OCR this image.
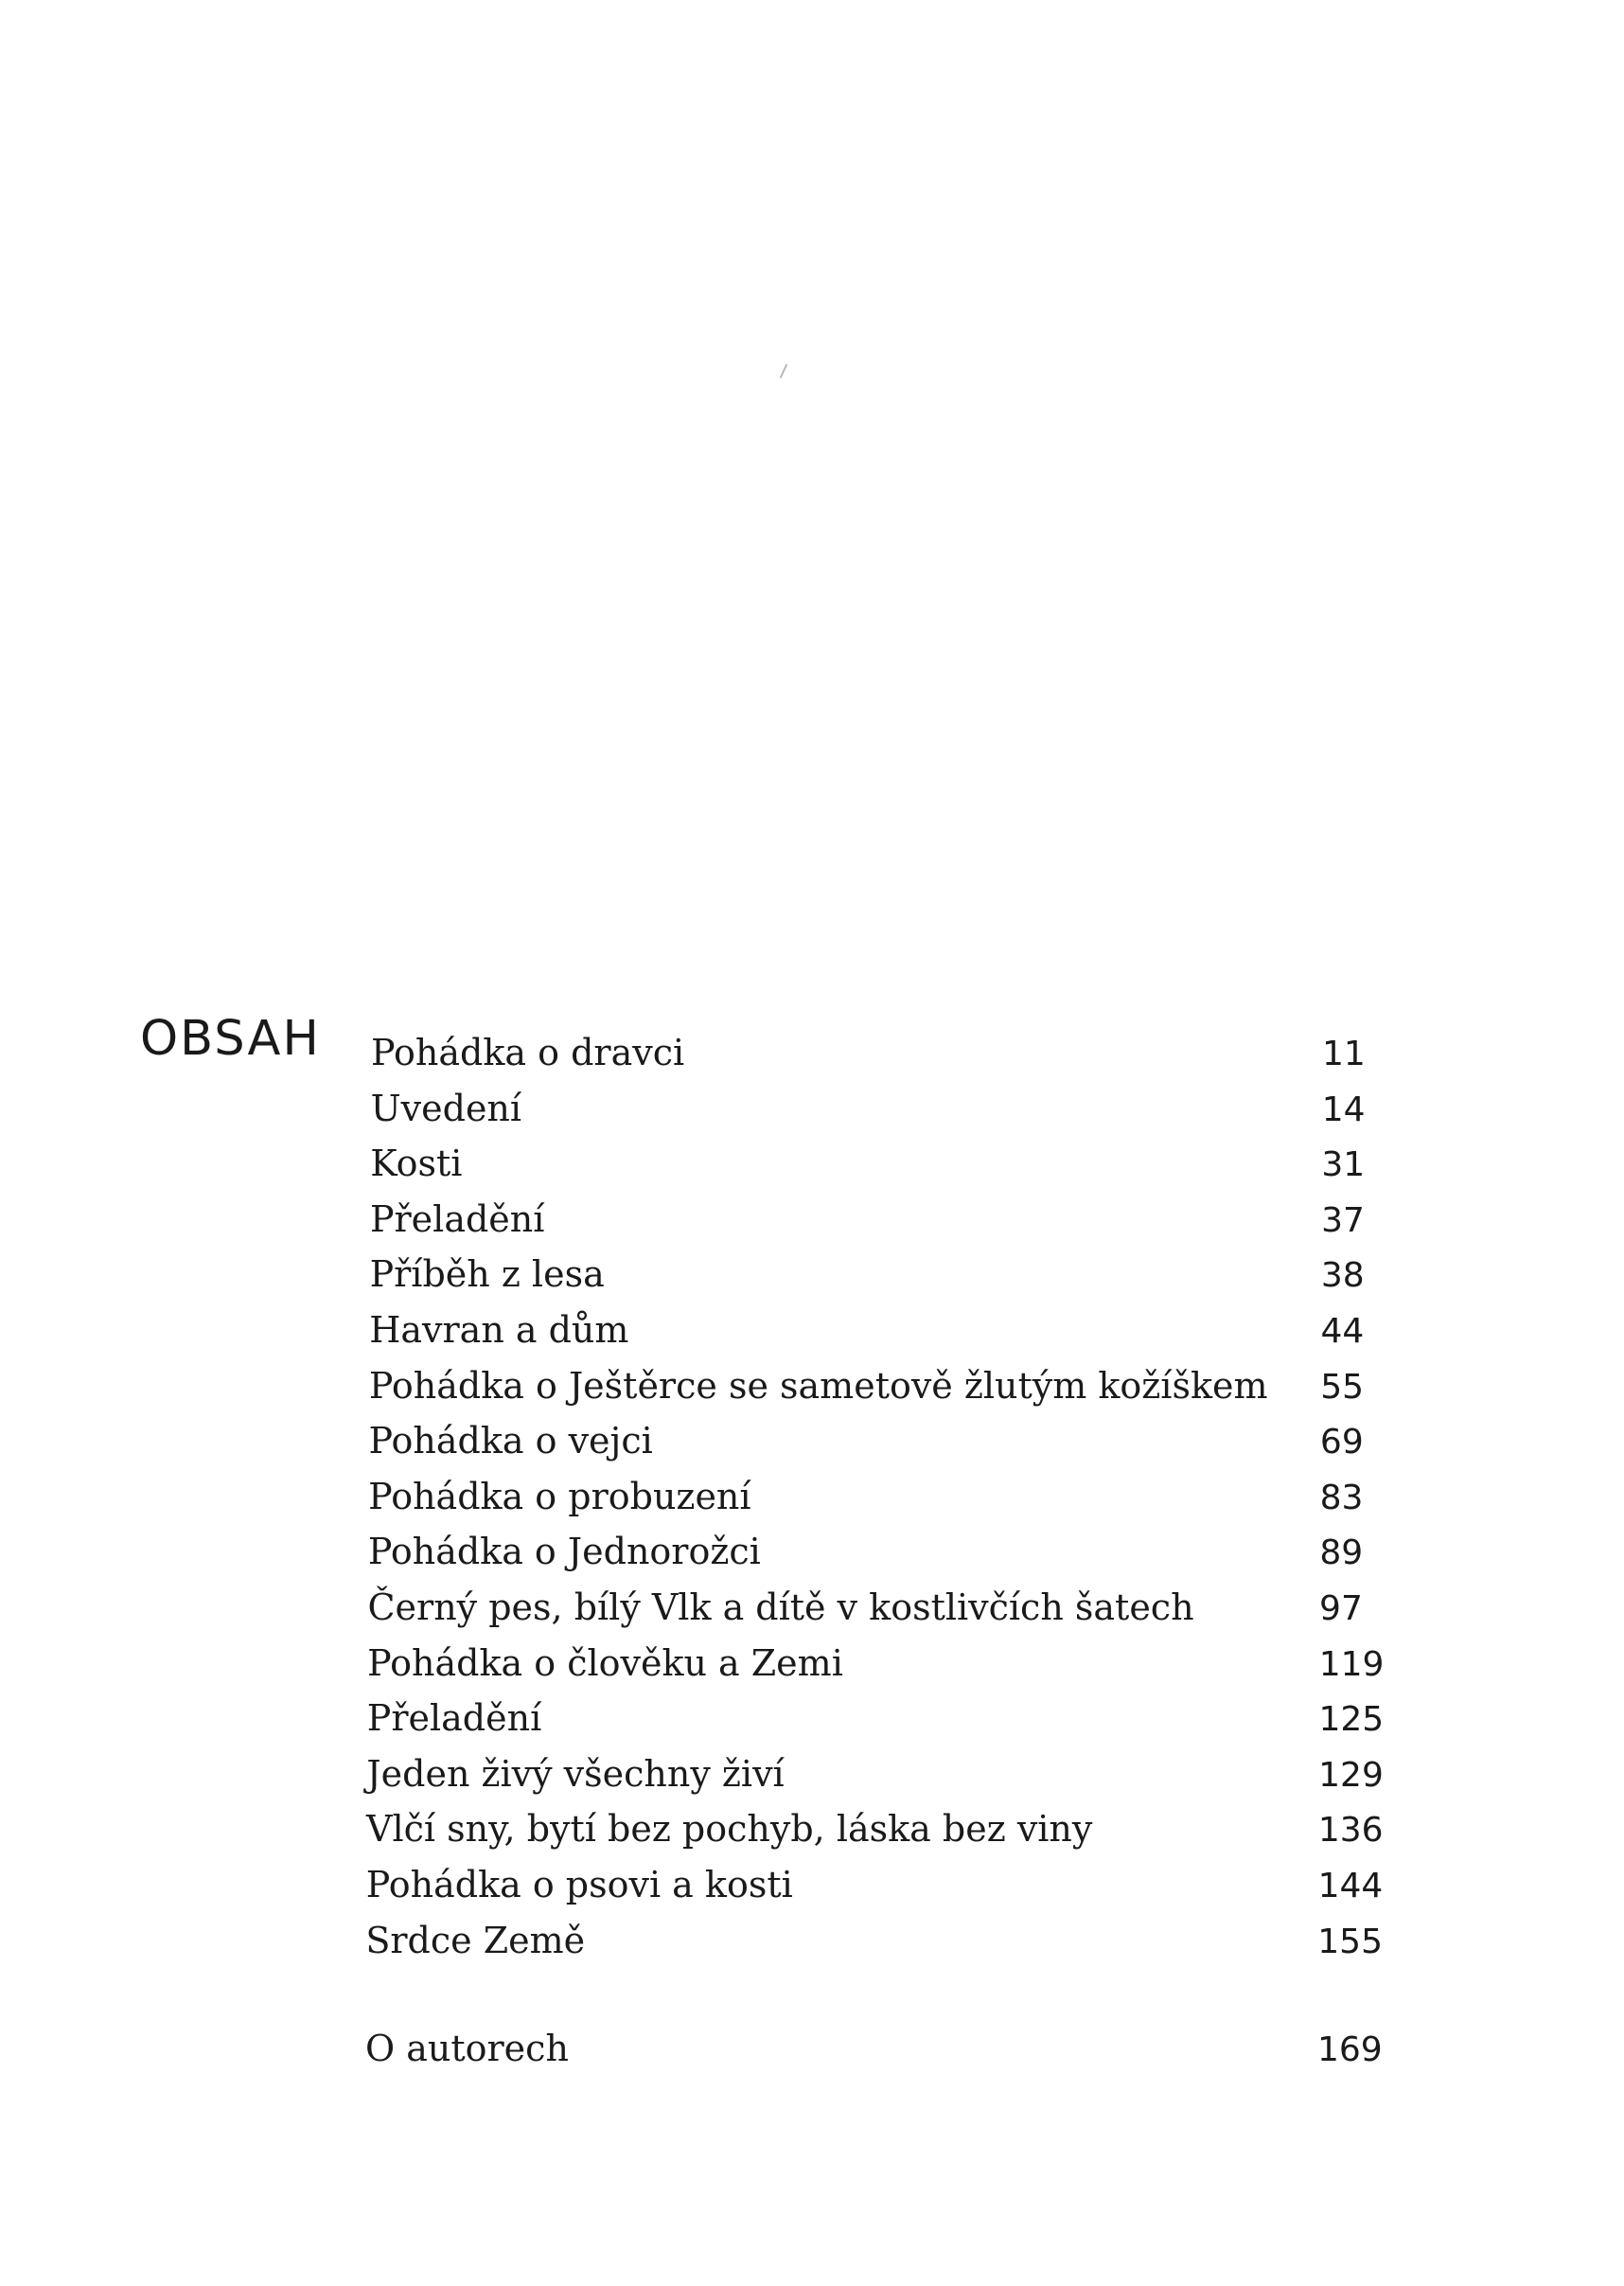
OBSAH Pohádka o dravci	11
Uvedení	14
Kosti	31
Přeladění	37
Příběh z lesa	38
Havran a dům	44
Pohádka o Ještěrce se sametově žlutým kožíškem 55
Pohádka o vejci	69
Pohádka o probuzení	83
Pohádka o Jednorožci	89
Černý pes, bílý Vlk a dítě v kostlivčích šatech	97
Pohádka o člověku a Zemi	119
Přeladění	125
Jeden živý všechny živí	129
Vlčí sny, bytí bez pochyb, láska bez viny	136
Pohádka o psovi a kosti	144
Srdce Země	155
O autorech	169
